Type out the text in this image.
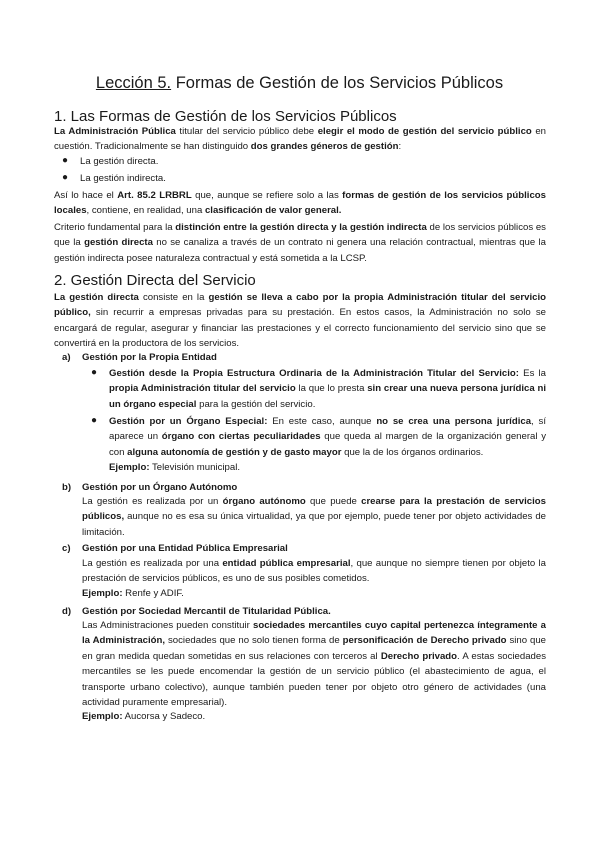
Lección 5. Formas de Gestión de los Servicios Públicos
1. Las Formas de Gestión de los Servicios Públicos

La Administración Pública titular del servicio público debe elegir el modo de gestión del servicio público en cuestión. Tradicionalmente se han distinguido dos grandes géneros de gestión:

● La gestión directa.
● La gestión indirecta.

Así lo hace el Art. 85.2 LRBRL que, aunque se refiere solo a las formas de gestión de los servicios públicos locales, contiene, en realidad, una clasificación de valor general.

Criterio fundamental para la distinción entre la gestión directa y la gestión indirecta de los servicios públicos es que la gestión directa no se canaliza a través de un contrato ni genera una relación contractual, mientras que la gestión indirecta posee naturaleza contractual y está sometida a la LCSP.

2. Gestión Directa del Servicio

La gestión directa consiste en la gestión se lleva a cabo por la propia Administración titular del servicio público, sin recurrir a empresas privadas para su prestación. En estos casos, la Administración no solo se encargará de regular, asegurar y financiar las prestaciones y el correcto funcionamiento del servicio sino que se convertirá en la productora de los servicios.

a) Gestión por la Propia Entidad
● Gestión desde la Propia Estructura Ordinaria de la Administración Titular del Servicio: Es la propia Administración titular del servicio la que lo presta sin crear una nueva persona jurídica ni un órgano especial para la gestión del servicio.
● Gestión por un Órgano Especial: En este caso, aunque no se crea una persona jurídica, sí aparece un órgano con ciertas peculiaridades que queda al margen de la organización general y con alguna autonomía de gestión y de gasto mayor que la de los órganos ordinarios.
Ejemplo: Televisión municipal.
b) Gestión por un Órgano Autónomo

La gestión es realizada por un órgano autónomo que puede crearse para la prestación de servicios públicos, aunque no es esa su única virtualidad, ya que por ejemplo, puede tener por objeto actividades de limitación.

c) Gestión por una Entidad Pública Empresarial

La gestión es realizada por una entidad pública empresarial, que aunque no siempre tienen por objeto la prestación de servicios públicos, es uno de sus posibles cometidos.

Ejemplo: Renfe y ADIF.
d) Gestión por Sociedad Mercantil de Titularidad Pública.

Las Administraciones pueden constituir sociedades mercantiles cuyo capital pertenezca íntegramente a la Administración, sociedades que no solo tienen forma de personificación de Derecho privado sino que en gran medida quedan sometidas en sus relaciones con terceros al Derecho privado. A estas sociedades mercantiles se les puede encomendar la gestión de un servicio público (el abastecimiento de agua, el transporte urbano colectivo), aunque también pueden tener por objeto otro género de actividades (una actividad puramente empresarial).

Ejemplo: Aucorsa y Sadeco.
